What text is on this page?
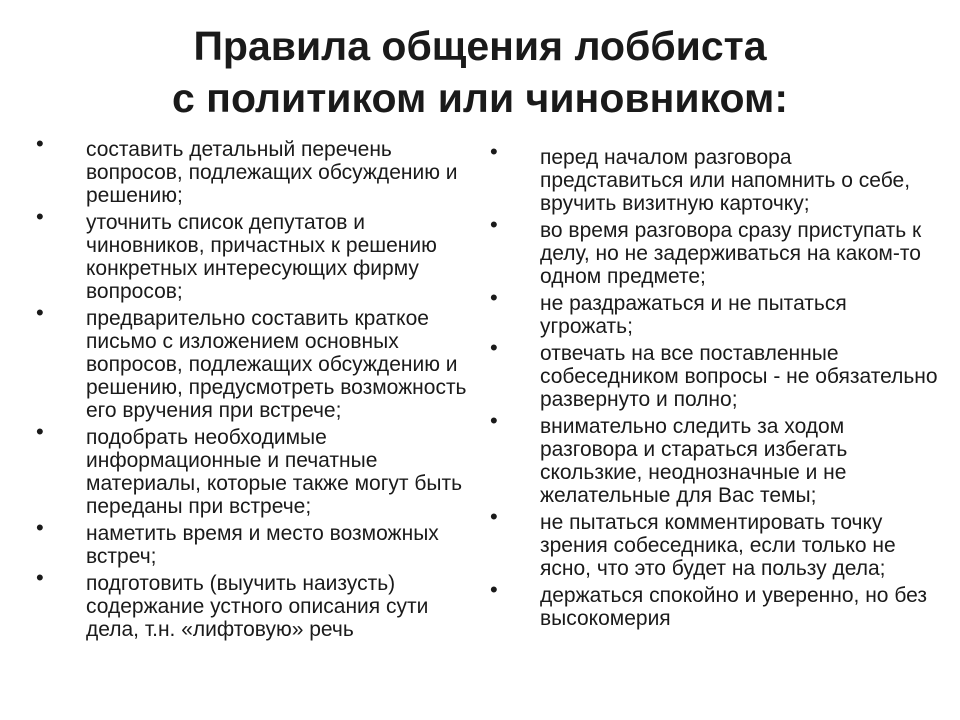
Правила общения лоббиста
с политиком или чиновником:
• составить детальный перечень вопросов, подлежащих обсуждению и решению;
• уточнить список депутатов и чиновников, причастных к решению конкретных интересующих фирму вопросов;
• предварительно составить краткое письмо с изложением основных вопросов, подлежащих обсуждению и решению, предусмотреть возможность его вручения при встрече;
• подобрать необходимые информационные и печатные материалы, которые также могут быть переданы при встрече;
• наметить время и место возможных встреч;
• подготовить (выучить наизусть) содержание устного описания сути дела, т.н. «лифтовую» речь
• перед началом разговора представиться или напомнить о себе, вручить визитную карточку;
• во время разговора сразу приступать к делу, но не задерживаться на каком-то одном предмете;
• не раздражаться и не пытаться угрожать;
• отвечать на все поставленные собеседником вопросы - не обязательно развернуто и полно;
• внимательно следить за ходом разговора и стараться избегать скользкие, неоднозначные и не желательные для Вас темы;
• не пытаться комментировать точку зрения собеседника, если только не ясно, что это будет на пользу дела;
• держаться спокойно и уверенно, но без высокомерия
